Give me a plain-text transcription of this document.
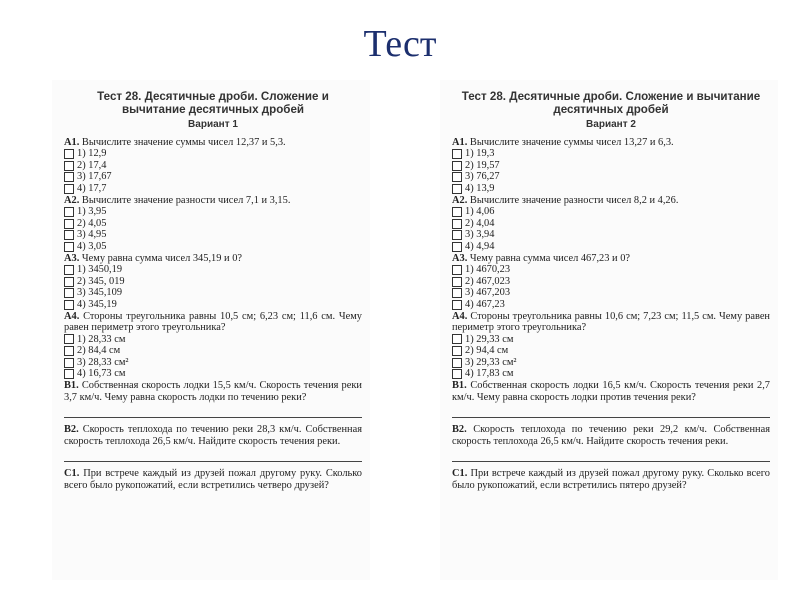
Тест
Тест 28. Десятичные дроби. Сложение и вычитание десятичных дробей
Вариант 1

A1. Вычислите значение суммы чисел 12,37 и 5,3.

1) 12,9
2) 17,4
3) 17,67
4) 17,7

A2. Вычислите значение разности чисел 7,1 и 3,15.

1) 3,95
2) 4,05
3) 4,95
4) 3,05

A3. Чему равна сумма чисел 345,19 и 0?

1) 3450,19
2) 345, 019
3) 345,109
4) 345,19

A4. Стороны треугольника равны 10,5 см; 6,23 см; 11,6 см. Чему равен периметр этого треугольника?

1) 28,33 см
2) 84,4 см
3) 28,33 см²
4) 16,73 см

B1. Собственная скорость лодки 15,5 км/ч. Скорость течения реки 3,7 км/ч. Чему равна скорость лодки по течению реки?

B2. Скорость теплохода по течению реки 28,3 км/ч. Собственная скорость теплохода 26,5 км/ч. Найдите скорость течения реки.

C1. При встрече каждый из друзей пожал другому руку. Сколько всего было рукопожатий, если встретились четверо друзей?

Тест 28. Десятичные дроби. Сложение и вычитание десятичных дробей
Вариант 2

A1. Вычислите значение суммы чисел 13,27 и 6,3.

1) 19,3
2) 19,57
3) 76,27
4) 13,9

A2. Вычислите значение разности чисел 8,2 и 4,26.

1) 4,06
2) 4,04
3) 3,94
4) 4,94

A3. Чему равна сумма чисел 467,23 и 0?

1) 4670,23
2) 467,023
3) 467,203
4) 467,23

A4. Стороны треугольника равны 10,6 см; 7,23 см; 11,5 см. Чему равен периметр этого треугольника?

1) 29,33 см
2) 94,4 см
3) 29,33 см²
4) 17,83 см

B1. Собственная скорость лодки 16,5 км/ч. Скорость течения реки 2,7 км/ч. Чему равна скорость лодки против течения реки?

B2. Скорость теплохода по течению реки 29,2 км/ч. Собственная скорость теплохода 26,5 км/ч. Найдите скорость течения реки.

C1. При встрече каждый из друзей пожал другому руку. Сколько всего было рукопожатий, если встретились пятеро друзей?
